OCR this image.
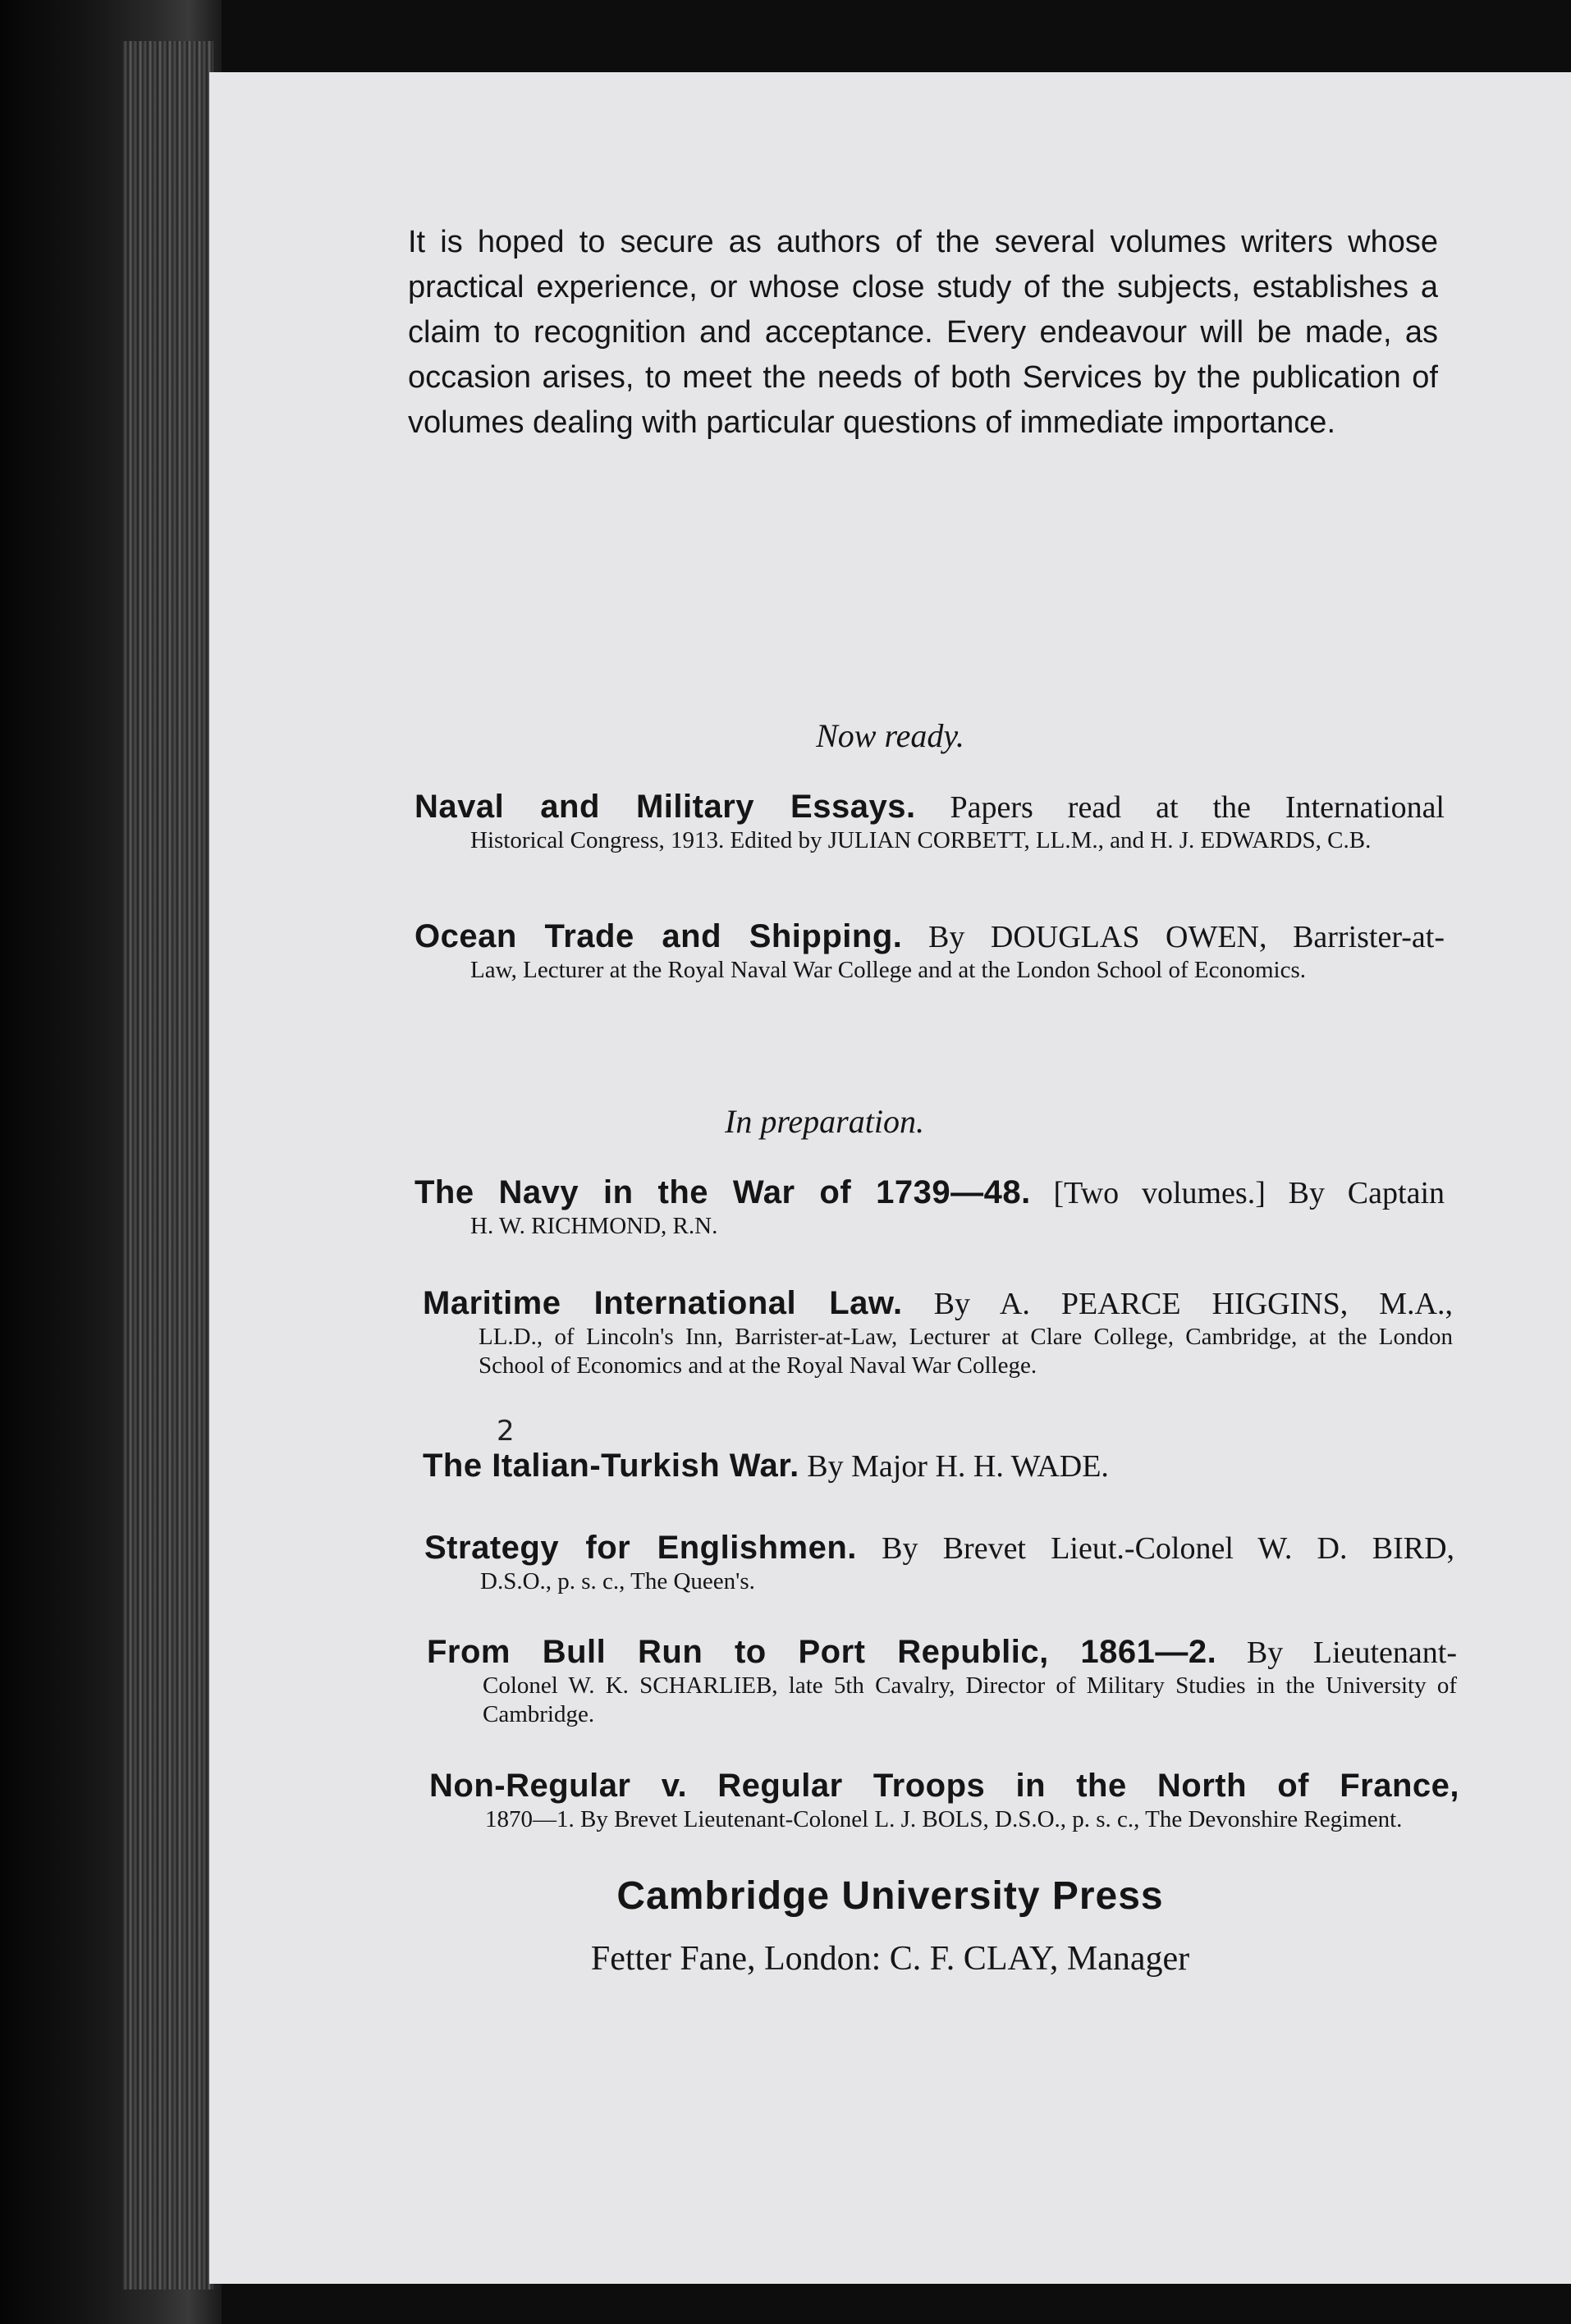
It is hoped to secure as authors of the several volumes writers whose practical experience, or whose close study of the subjects, establishes a claim to recognition and acceptance. Every endeavour will be made, as occasion arises, to meet the needs of both Services by the publication of volumes dealing with particular questions of immediate importance.

Now ready.

Naval and Military Essays. Papers read at the International

Historical Congress, 1913. Edited by JULIAN CORBETT, LL.M., and H. J. EDWARDS, C.B.

Ocean Trade and Shipping. By DOUGLAS OWEN, Barrister-at-

Law, Lecturer at the Royal Naval War College and at the London School of Economics.

In preparation.

The Navy in the War of 1739—48. [Two volumes.] By Captain

H. W. RICHMOND, R.N.

Maritime International Law. By A. PEARCE HIGGINS, M.A.,

LL.D., of Lincoln's Inn, Barrister-at-Law, Lecturer at Clare College, Cambridge, at the London School of Economics and at the Royal Naval War College.

The Italian-Turkish War. By Major H. H. WADE.

2

Strategy for Englishmen. By Brevet Lieut.-Colonel W. D. BIRD,

D.S.O., p. s. c., The Queen's.

From Bull Run to Port Republic, 1861—2. By Lieutenant-

Colonel W. K. SCHARLIEB, late 5th Cavalry, Director of Military Studies in the University of Cambridge.

Non-Regular v. Regular Troops in the North of France,

1870—1. By Brevet Lieutenant-Colonel L. J. BOLS, D.S.O., p. s. c., The Devonshire Regiment.

Cambridge University Press

Fetter Fane, London: C. F. CLAY, Manager
